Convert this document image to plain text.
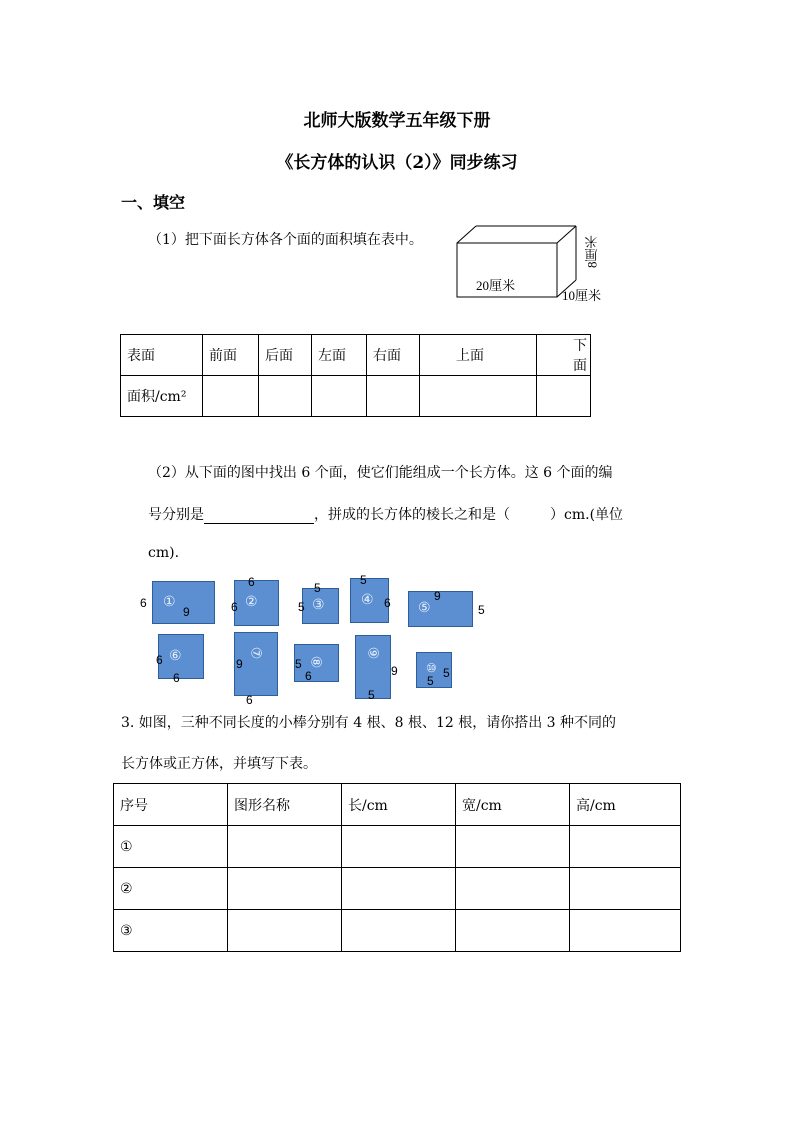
北师大版数学五年级下册
《长方体的认识（2）》同步练习
一、填空
（1）把下面长方体各个面的面积填在表中。
20厘米
10厘米
8厘米
表面	前面	后面	左面	右面	上面	下面
面积/cm²						
（2）从下面的图中找出 6 个面，使它们能组成一个长方体。这 6 个面的编
号分别是	，拼成的长方体的棱长之和是（	）cm.(单位
cm).
①
6
9
②
6
6	③
5
5	④
5
6 ⑤
9
5
⑥
6
6
⑦
9
6
⑧
5
6
⑨
9
5
⑩
5
5
3. 如图，三种不同长度的小棒分别有 4 根、8 根、12 根，请你搭出 3 种不同的
长方体或正方体，并填写下表。
序号	图形名称	长/cm	宽/cm	高/cm
①				
②				
③				
